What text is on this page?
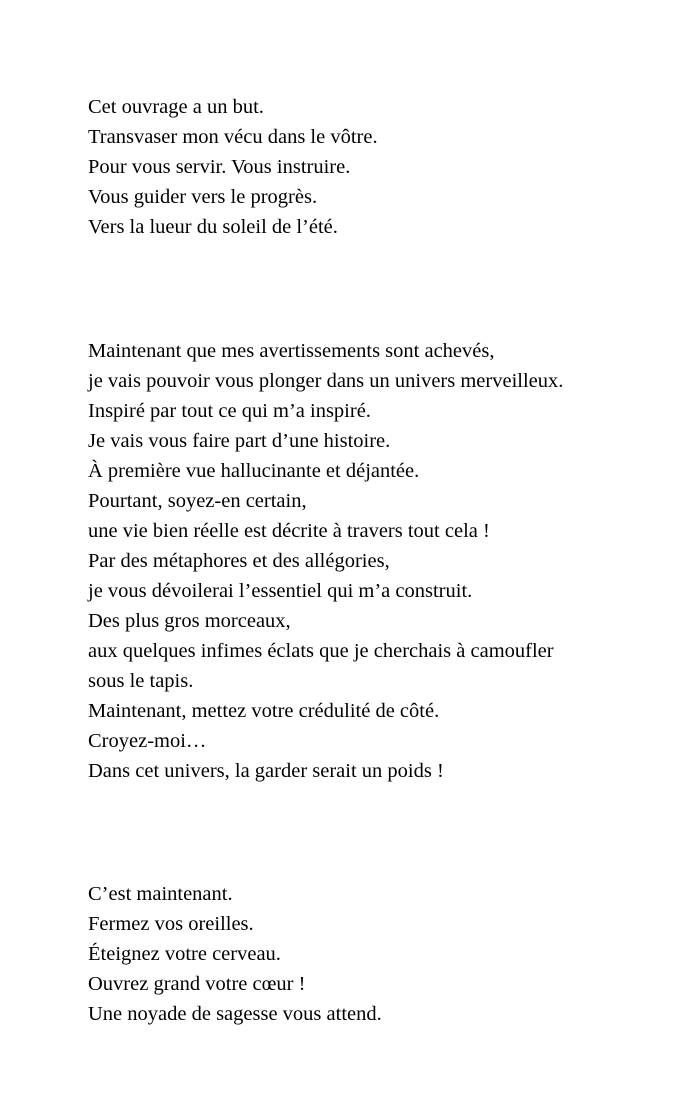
Cet ouvrage a un but.
Transvaser mon vécu dans le vôtre.
Pour vous servir. Vous instruire.
Vous guider vers le progrès.
Vers la lueur du soleil de l’été.
Maintenant que mes avertissements sont achevés,
je vais pouvoir vous plonger dans un univers merveilleux.
Inspiré par tout ce qui m’a inspiré.
Je vais vous faire part d’une histoire.
À première vue hallucinante et déjantée.
Pourtant, soyez-en certain,
une vie bien réelle est décrite à travers tout cela !
Par des métaphores et des allégories,
je vous dévoilerai l’essentiel qui m’a construit.
Des plus gros morceaux,
aux quelques infimes éclats que je cherchais à camoufler
sous le tapis.
Maintenant, mettez votre crédulité de côté.
Croyez-moi…
Dans cet univers, la garder serait un poids !
C’est maintenant.
Fermez vos oreilles.
Éteignez votre cerveau.
Ouvrez grand votre cœur !
Une noyade de sagesse vous attend.
